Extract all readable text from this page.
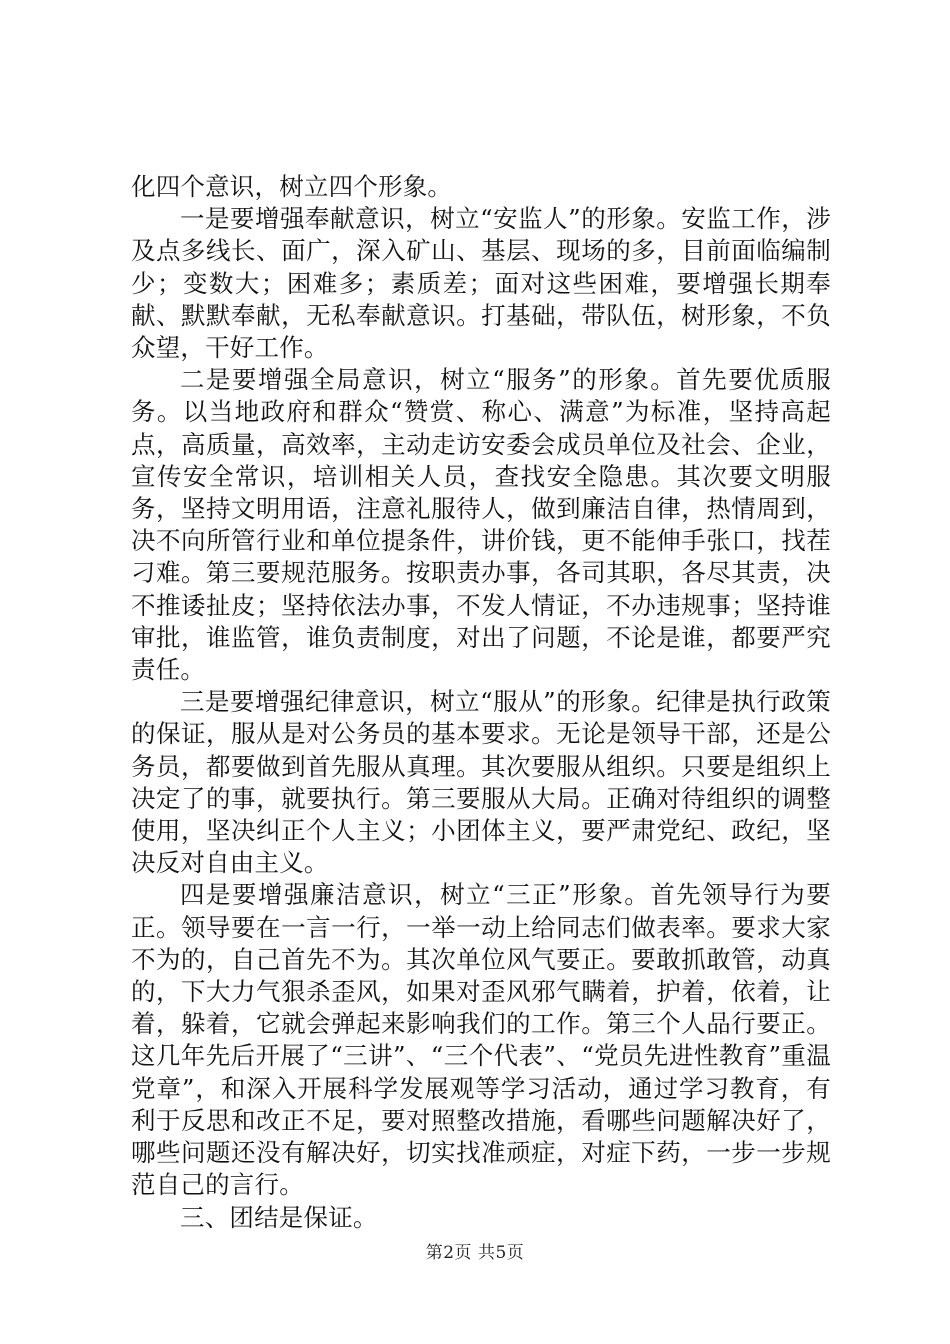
化四个意识，树立四个形象。

一是要增强奉献意识，树立“安监人”的形象。安监工作，涉及点多线长、面广，深入矿山、基层、现场的多，目前面临编制少；变数大；困难多；素质差；面对这些困难，要增强长期奉献、默默奉献，无私奉献意识。打基础，带队伍，树形象，不负众望，干好工作。

二是要增强全局意识，树立“服务”的形象。首先要优质服务。以当地政府和群众“赞赏、称心、满意”为标准，坚持高起点，高质量，高效率，主动走访安委会成员单位及社会、企业，宣传安全常识，培训相关人员，查找安全隐患。其次要文明服务，坚持文明用语，注意礼服待人，做到廉洁自律，热情周到，决不向所管行业和单位提条件，讲价钱，更不能伸手张口，找茬刁难。第三要规范服务。按职责办事，各司其职，各尽其责，决不推诿扯皮；坚持依法办事，不发人情证，不办违规事；坚持谁审批，谁监管，谁负责制度，对出了问题，不论是谁，都要严究责任。

三是要增强纪律意识，树立“服从”的形象。纪律是执行政策的保证，服从是对公务员的基本要求。无论是领导干部，还是公务员，都要做到首先服从真理。其次要服从组织。只要是组织上决定了的事，就要执行。第三要服从大局。正确对待组织的调整使用，坚决纠正个人主义；小团体主义，要严肃党纪、政纪，坚决反对自由主义。

四是要增强廉洁意识，树立“三正”形象。首先领导行为要正。领导要在一言一行，一举一动上给同志们做表率。要求大家不为的，自己首先不为。其次单位风气要正。要敢抓敢管，动真的，下大力气狠杀歪风，如果对歪风邪气瞒着，护着，依着，让着，躲着，它就会弹起来影响我们的工作。第三个人品行要正。这几年先后开展了“三讲”、“三个代表”、“党员先进性教育”重温党章”，和深入开展科学发展观等学习活动，通过学习教育，有利于反思和改正不足，要对照整改措施，看哪些问题解决好了，哪些问题还没有解决好，切实找准顽症，对症下药，一步一步规范自己的言行。

三、团结是保证。

第2页 共5页
